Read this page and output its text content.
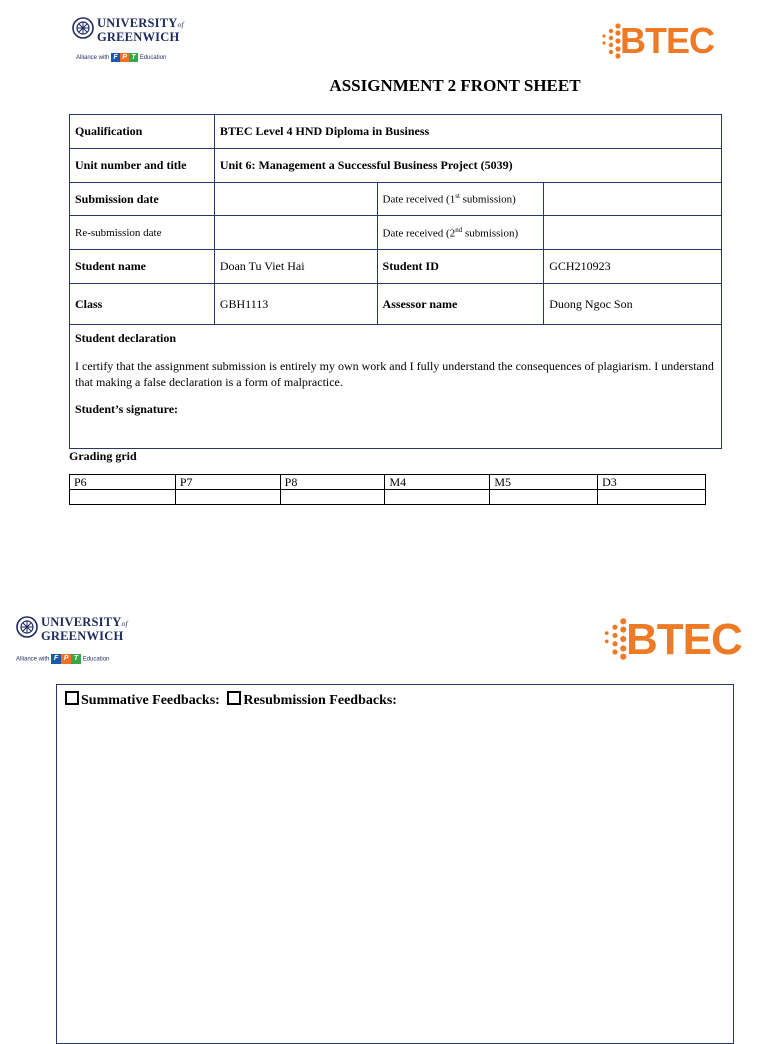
UNIVERSITYof
GREENWICH
Alliance with F P T Education	BTEC
ASSIGNMENT 2 FRONT SHEET
Qualification	BTEC Level 4 HND Diploma in Business		
Unit number and title	Unit 6: Management a Successful Business Project (5039)		
Submission date		Date received (1st submission)	
Re-submission date		Date received (2nd submission)	
Student name	Doan Tu Viet Hai	Student ID	GCH210923
Class	GBH1113	Assessor name	Duong Ngoc Son

Student declaration
I certify that the assignment submission is entirely my own work and I fully understand the consequences of plagiarism. I understand that making a false declaration is a form of malpractice.
Student’s signature:			
Grading grid
P6	P7	P8	M4	M5	D3

UNIVERSITYof
GREENWICH
Alliance with F P T Education	BTEC
Summative Feedbacks: Resubmission Feedbacks:
